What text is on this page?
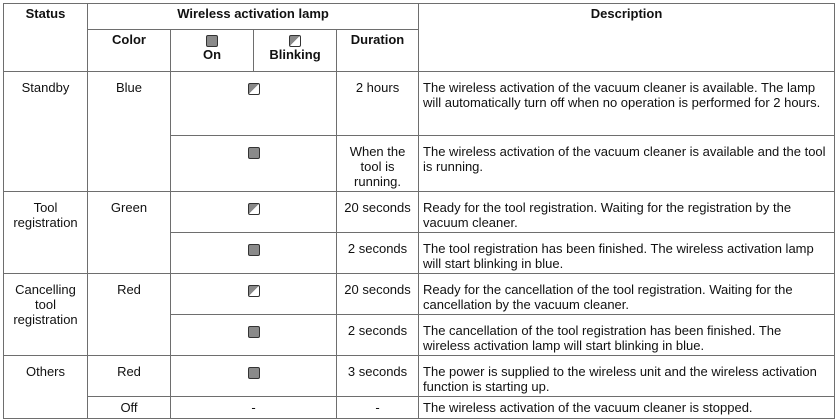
Status	Wireless activation lamp				Description
	Color	On	Blinking	Duration	
Standby	Blue			2 hours	The wireless activation of the vacuum cleaner is available. The lamp will automatically turn off when no operation is performed for 2 hours.
				When the tool is running.	The wireless activation of the vacuum cleaner is available and the tool is running.
Tool registration	Green			20 seconds	Ready for the tool registration. Waiting for the registration by the vacuum cleaner.
				2 seconds	The tool registration has been finished. The wireless activation lamp will start blinking in blue.
Cancelling tool registration	Red			20 seconds	Ready for the cancellation of the tool registration. Waiting for the cancellation by the vacuum cleaner.
				2 seconds	The cancellation of the tool registration has been finished. The wireless activation lamp will start blinking in blue.
Others	Red			3 seconds	The power is supplied to the wireless unit and the wireless activation function is starting up.
	Off	-		-	The wireless activation of the vacuum cleaner is stopped.
